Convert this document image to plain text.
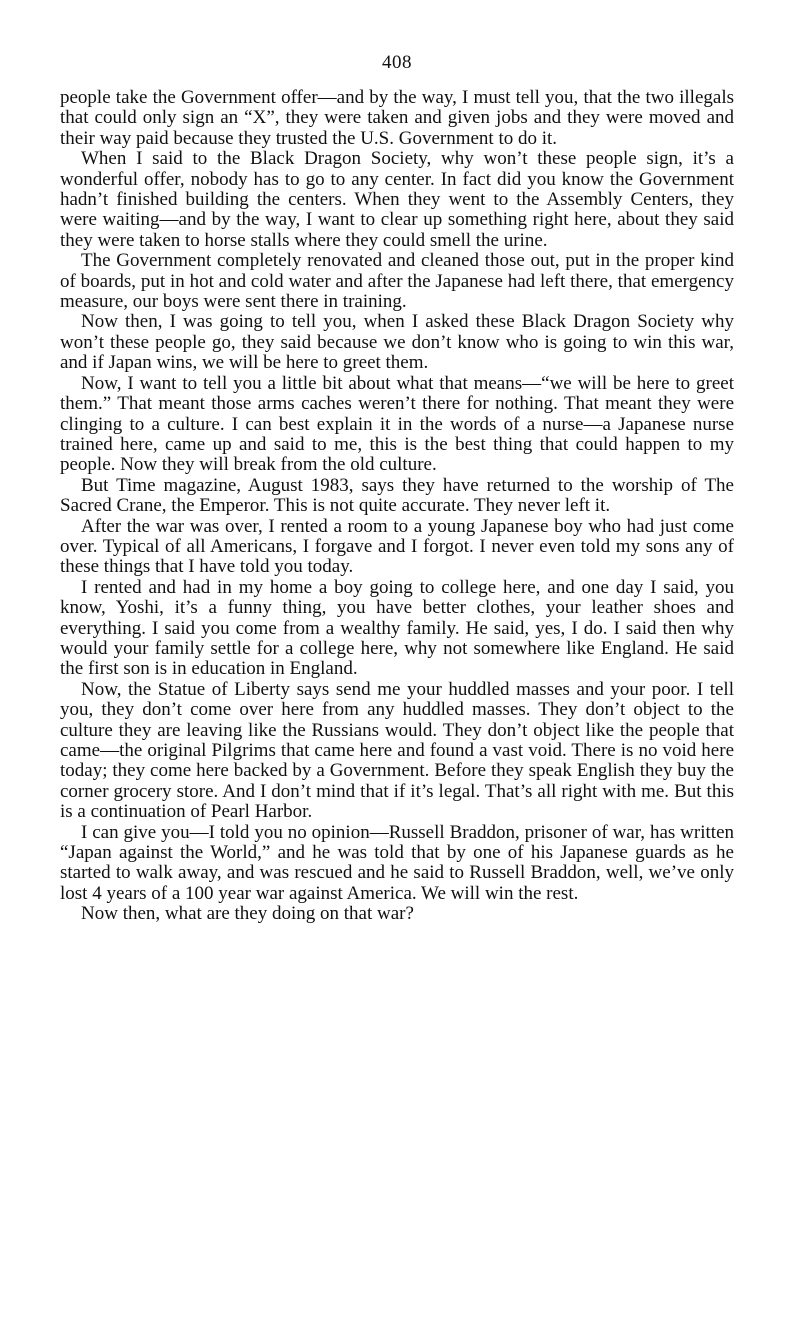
408

people take the Government offer—and by the way, I must tell you, that the two illegals that could only sign an “X”, they were taken and given jobs and they were moved and their way paid because they trusted the U.S. Government to do it.

When I said to the Black Dragon Society, why won’t these people sign, it’s a wonderful offer, nobody has to go to any center. In fact did you know the Government hadn’t finished building the centers. When they went to the Assembly Centers, they were waiting—and by the way, I want to clear up something right here, about they said they were taken to horse stalls where they could smell the urine.

The Government completely renovated and cleaned those out, put in the proper kind of boards, put in hot and cold water and after the Japanese had left there, that emergency measure, our boys were sent there in training.

Now then, I was going to tell you, when I asked these Black Dragon Society why won’t these people go, they said because we don’t know who is going to win this war, and if Japan wins, we will be here to greet them.

Now, I want to tell you a little bit about what that means—“we will be here to greet them.” That meant those arms caches weren’t there for nothing. That meant they were clinging to a culture. I can best explain it in the words of a nurse—a Japanese nurse trained here, came up and said to me, this is the best thing that could happen to my people. Now they will break from the old culture.

But Time magazine, August 1983, says they have returned to the worship of The Sacred Crane, the Emperor. This is not quite accurate. They never left it.

After the war was over, I rented a room to a young Japanese boy who had just come over. Typical of all Americans, I forgave and I forgot. I never even told my sons any of these things that I have told you today.

I rented and had in my home a boy going to college here, and one day I said, you know, Yoshi, it’s a funny thing, you have better clothes, your leather shoes and everything. I said you come from a wealthy family. He said, yes, I do. I said then why would your family settle for a college here, why not somewhere like England. He said the first son is in education in England.

Now, the Statue of Liberty says send me your huddled masses and your poor. I tell you, they don’t come over here from any huddled masses. They don’t object to the culture they are leaving like the Russians would. They don’t object like the people that came—the original Pilgrims that came here and found a vast void. There is no void here today; they come here backed by a Government. Before they speak English they buy the corner grocery store. And I don’t mind that if it’s legal. That’s all right with me. But this is a continuation of Pearl Harbor.

I can give you—I told you no opinion—Russell Braddon, prisoner of war, has written “Japan against the World,” and he was told that by one of his Japanese guards as he started to walk away, and was rescued and he said to Russell Braddon, well, we’ve only lost 4 years of a 100 year war against America. We will win the rest.

Now then, what are they doing on that war?
